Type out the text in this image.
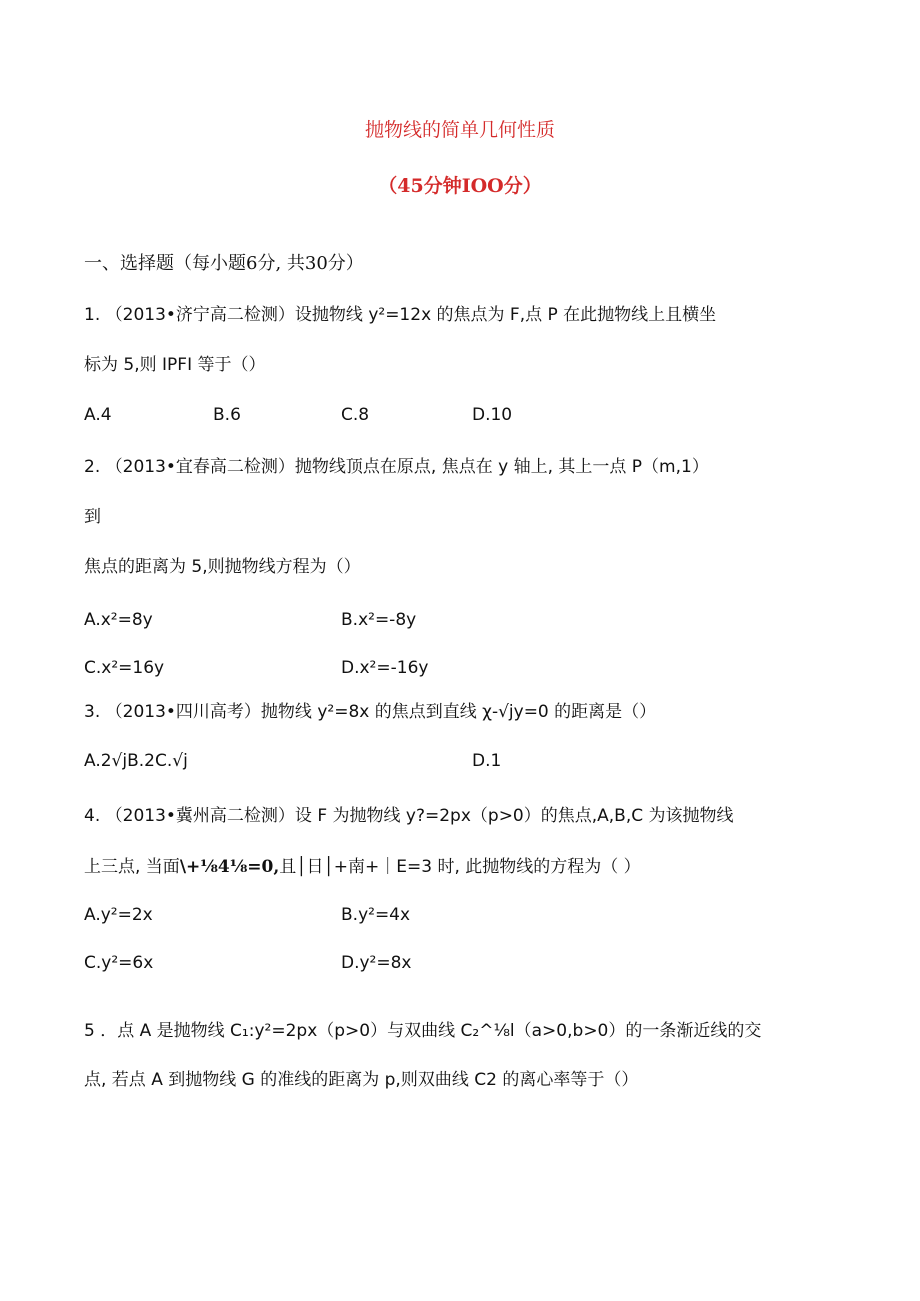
抛物线的简单几何性质
（45分钟IOO分）
一、选择题（每小题6分, 共30分）
1. （2013•济宁高二检测）设抛物线 y²=12x 的焦点为 F,点 P 在此抛物线上且横坐
标为 5,则 IPFI 等于（）
A.4	B.6	C.8	D.10
2. （2013•宜春高二检测）抛物线顶点在原点, 焦点在 y 轴上, 其上一点 P（m,1）
到
焦点的距离为 5,则抛物线方程为（）
A.x²=8y	B.x²=-8y
C.x²=16y	D.x²=-16y
3. （2013•四川高考）抛物线 y²=8x 的焦点到直线 χ-√jy=0 的距离是（）
A.2√jB.2C.√j	D.1
4. （2013•冀州高二检测）设 F 为抛物线 y?=2px（p>0）的焦点,A,B,C 为该抛物线
上三点, 当面\+⅛4⅛=0,且│日│+南+｜E=3 时, 此抛物线的方程为（ ）
A.y²=2x	B.y²=4x
C.y²=6x	D.y²=8x
5 ．点 A 是抛物线 C₁:y²=2px（p>0）与双曲线 C₂^⅛l（a>0,b>0）的一条渐近线的交
点, 若点 A 到抛物线 G 的准线的距离为 p,则双曲线 C2 的离心率等于（）
